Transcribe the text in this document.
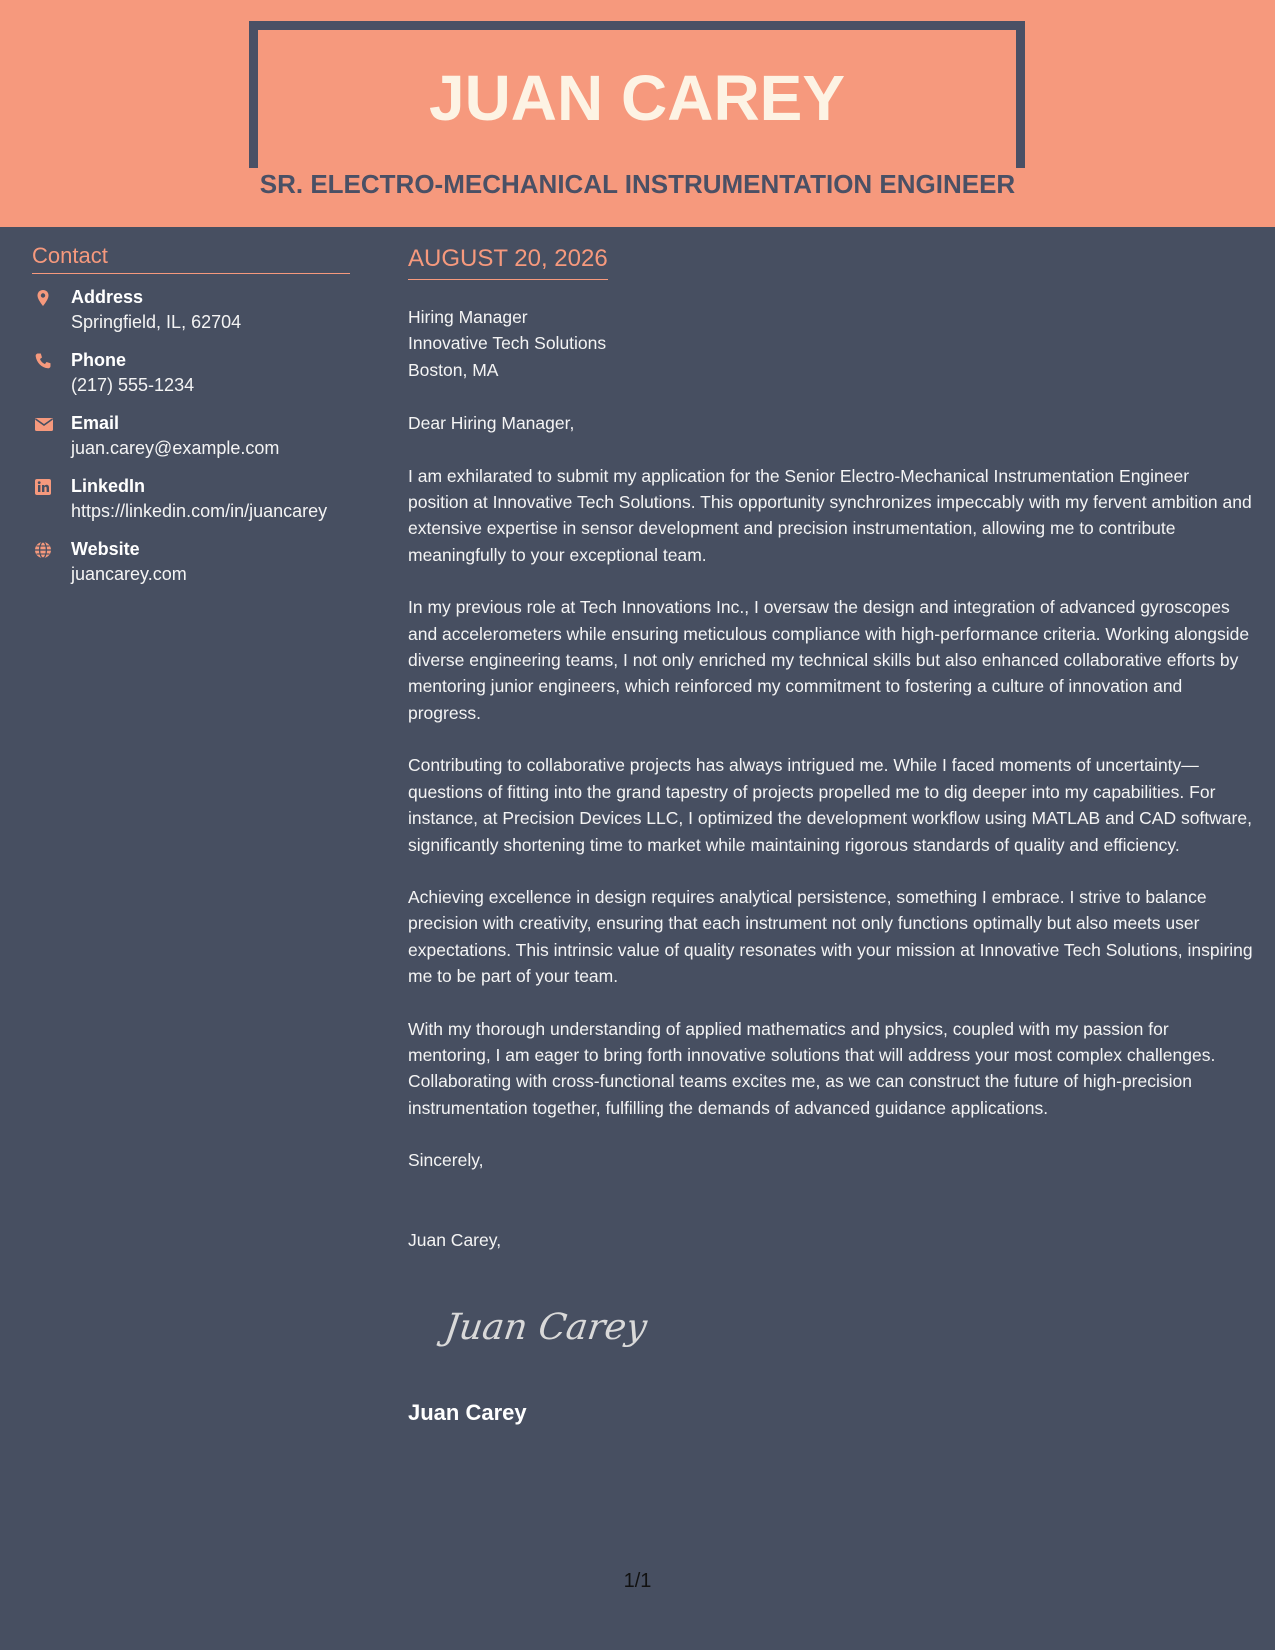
JUAN CAREY
SR. ELECTRO-MECHANICAL INSTRUMENTATION ENGINEER
Contact
Address
Springfield, IL, 62704
Phone
(217) 555-1234
Email
juan.carey@example.com
LinkedIn
https://linkedin.com/in/juancarey
Website
juancarey.com
AUGUST 20, 2026

Hiring Manager

Innovative Tech Solutions

Boston, MA

Dear Hiring Manager,

I am exhilarated to submit my application for the Senior Electro-Mechanical Instrumentation Engineer position at Innovative Tech Solutions. This opportunity synchronizes impeccably with my fervent ambition and extensive expertise in sensor development and precision instrumentation, allowing me to contribute meaningfully to your exceptional team.

In my previous role at Tech Innovations Inc., I oversaw the design and integration of advanced gyroscopes and accelerometers while ensuring meticulous compliance with high-performance criteria. Working alongside diverse engineering teams, I not only enriched my technical skills but also enhanced collaborative efforts by mentoring junior engineers, which reinforced my commitment to fostering a culture of innovation and progress.

Contributing to collaborative projects has always intrigued me. While I faced moments of uncertainty—questions of fitting into the grand tapestry of projects propelled me to dig deeper into my capabilities. For instance, at Precision Devices LLC, I optimized the development workflow using MATLAB and CAD software, significantly shortening time to market while maintaining rigorous standards of quality and efficiency.

Achieving excellence in design requires analytical persistence, something I embrace. I strive to balance precision with creativity, ensuring that each instrument not only functions optimally but also meets user expectations. This intrinsic value of quality resonates with your mission at Innovative Tech Solutions, inspiring me to be part of your team.

With my thorough understanding of applied mathematics and physics, coupled with my passion for mentoring, I am eager to bring forth innovative solutions that will address your most complex challenges. Collaborating with cross-functional teams excites me, as we can construct the future of high-precision instrumentation together, fulfilling the demands of advanced guidance applications.

Sincerely,

Juan Carey,

Juan Carey
Juan Carey
1/1
